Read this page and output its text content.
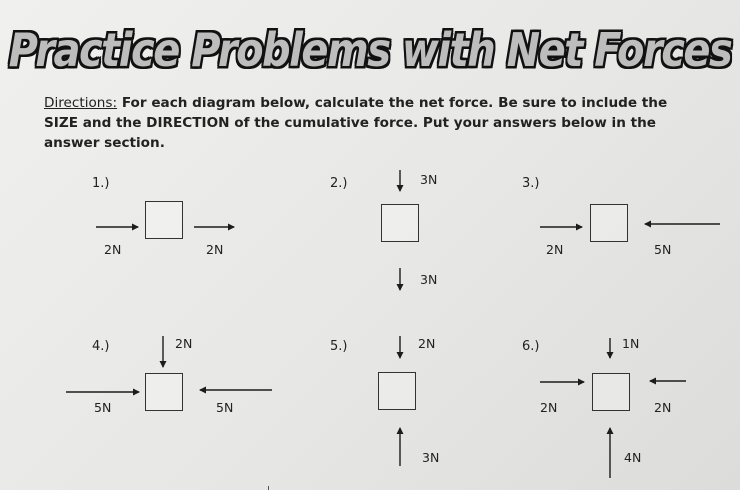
Practice Problems with Net Forces
Directions: For each diagram below, calculate the net force. Be sure to include the SIZE and the DIRECTION of the cumulative force. Put your answers below in the answer section.
1.)
2N	2N
2.)	3N
3N
3.)
2N	5N
4.)	2N
5N	5N
5.)	2N
3N
6.)	1N
2N	2N
4N
